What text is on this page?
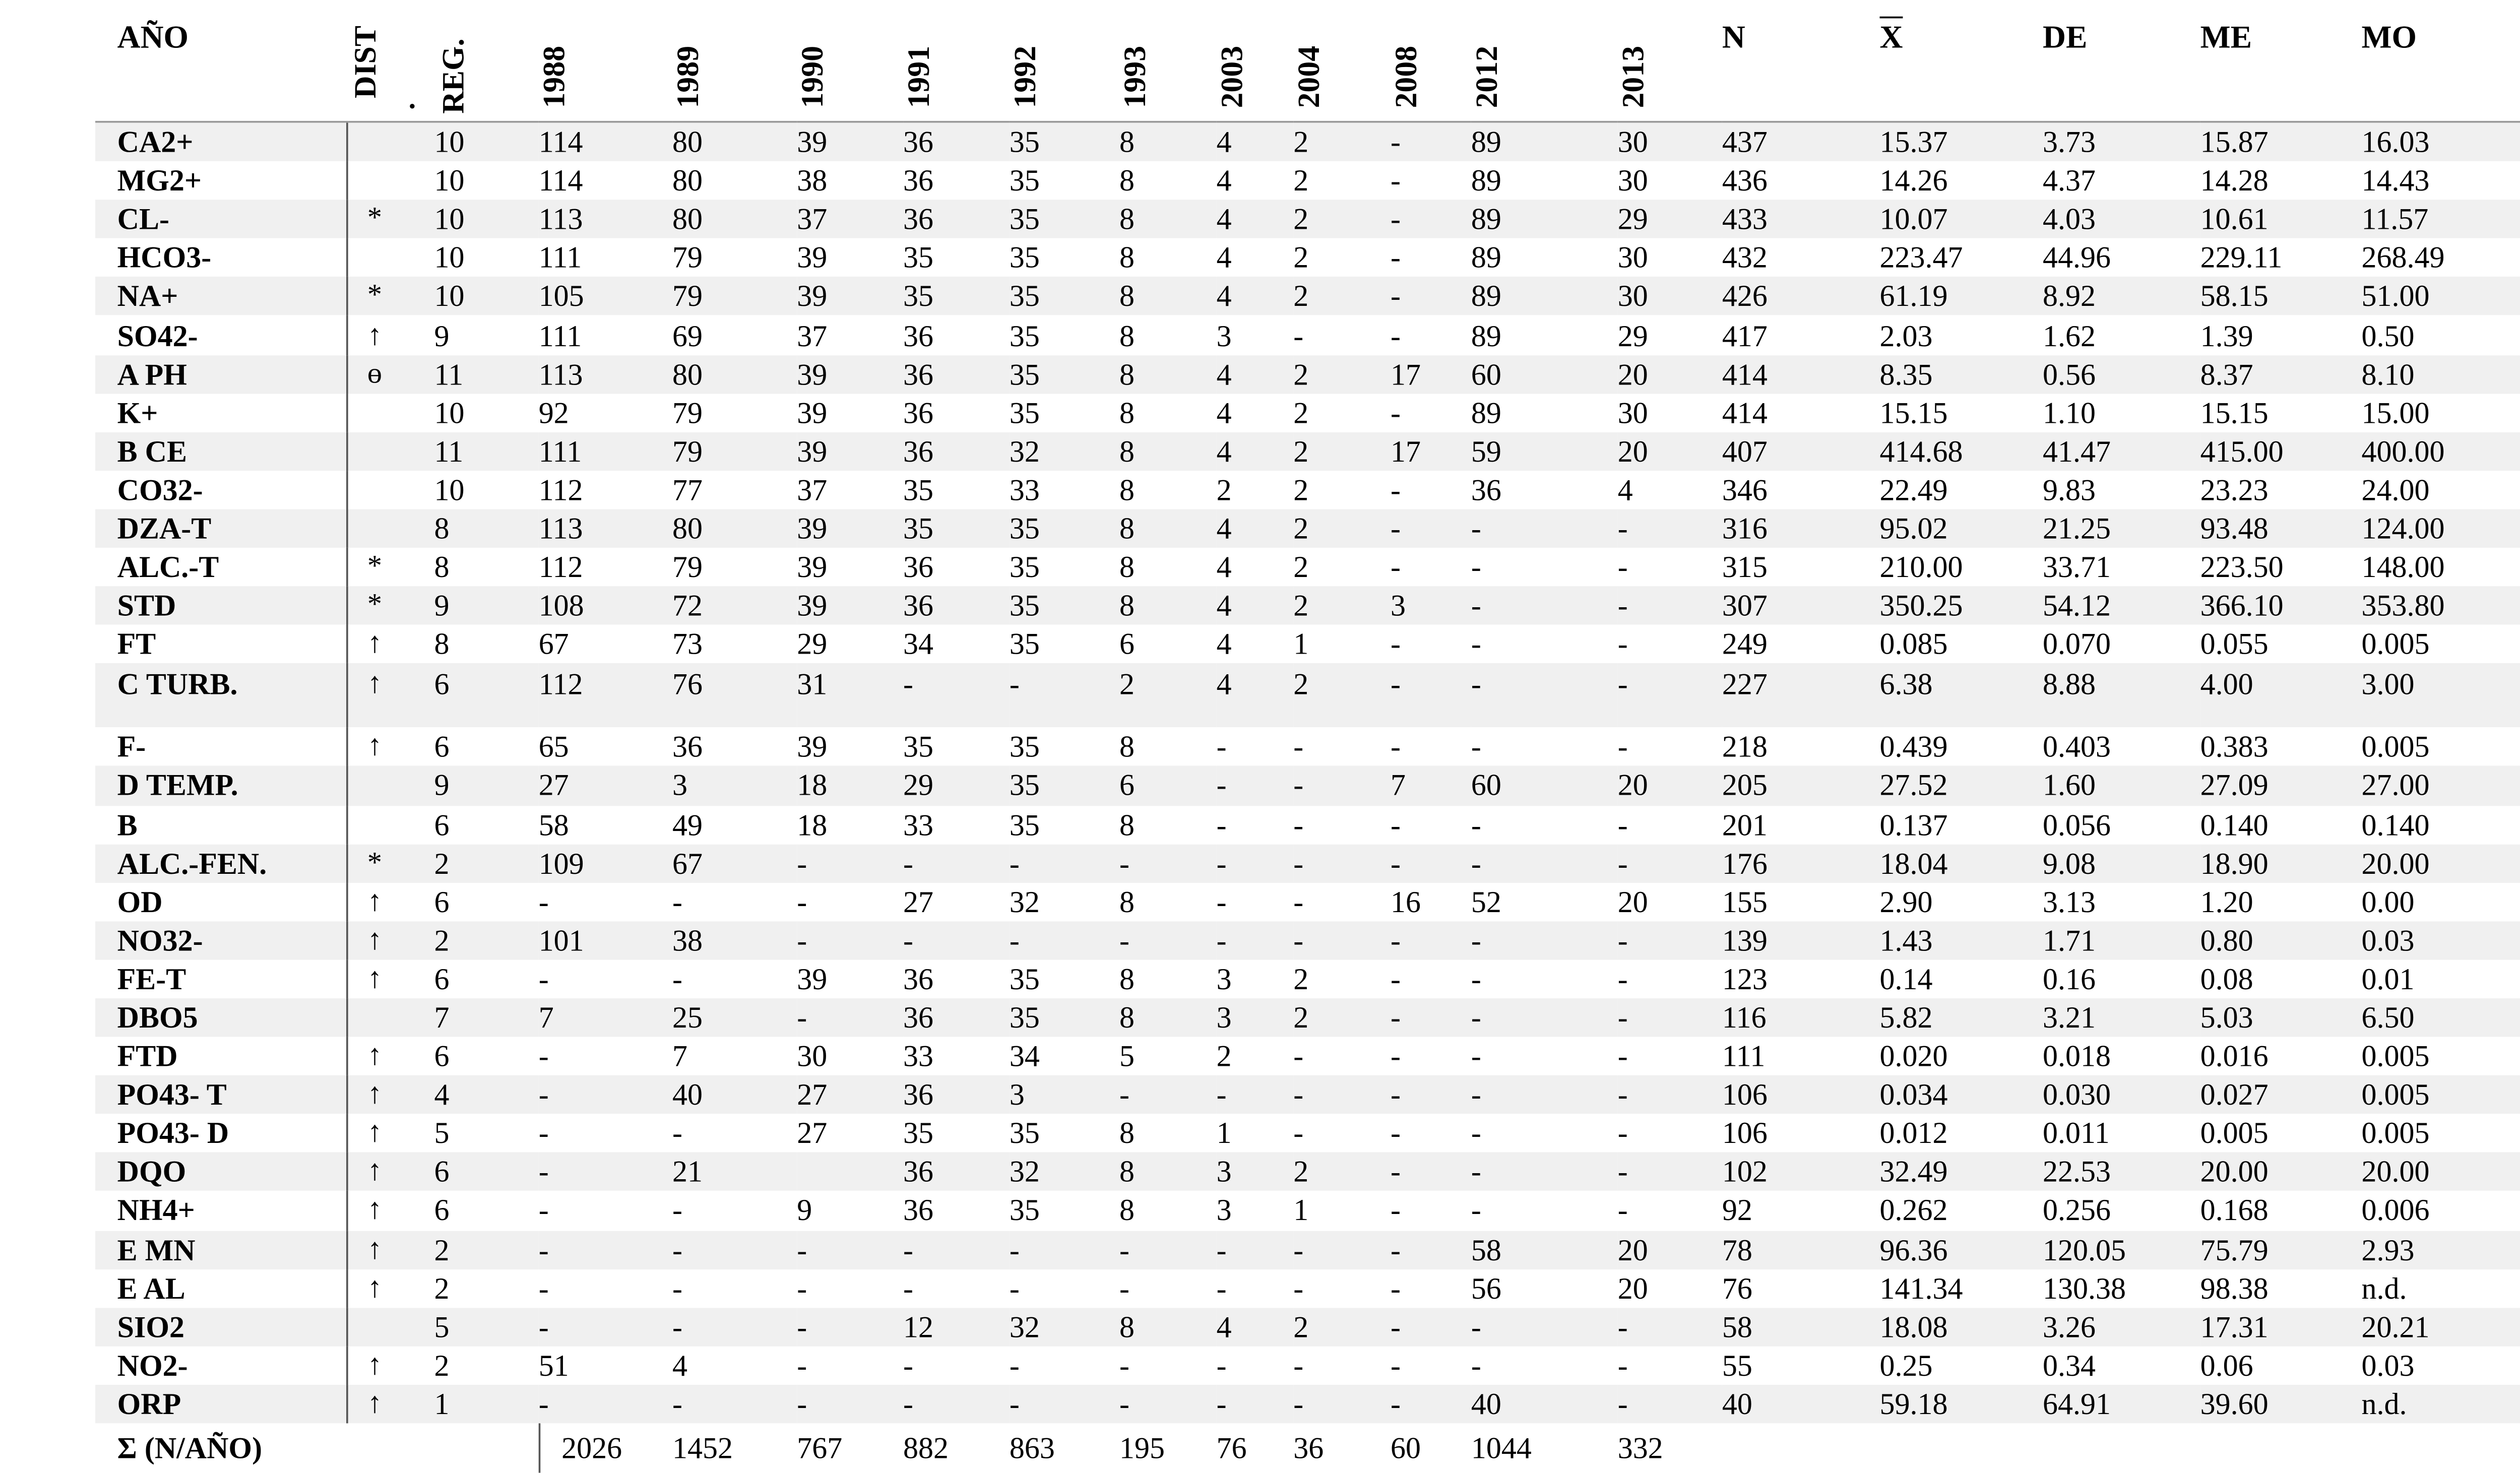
AÑO	DIST	. REG.	1988	1989	1990	1991	1992	1993	2003	2004	2008	2012	2013	N	$\overline{X}$	DE	ME	MO		
CA2+		10	114	80	39	36	35	8	4	2	-	89	30	437	15.37	3.73	15.87	16.03		
MG2+		10	114	80	38	36	35	8	4	2	-	89	30	436	14.26	4.37	14.28	14.43		
CL-	*	10	113	80	37	36	35	8	4	2	-	89	29	433	10.07	4.03	10.61	11.57		
HCO3-		10	111	79	39	35	35	8	4	2	-	89	30	432	223.47	44.96	229.11	268.49		
NA+	*	10	105	79	39	35	35	8	4	2	-	89	30	426	61.19	8.92	58.15	51.00		
SO42-	↑	9	111	69	37	36	35	8	3	-	-	89	29	417	2.03	1.62	1.39	0.50		
A PH	ɵ	11	113	80	39	36	35	8	4	2	17	60	20	414	8.35	0.56	8.37	8.10		
K+		10	92	79	39	36	35	8	4	2	-	89	30	414	15.15	1.10	15.15	15.00		
B CE		11	111	79	39	36	32	8	4	2	17	59	20	407	414.68	41.47	415.00	400.00		
CO32-		10	112	77	37	35	33	8	2	2	-	36	4	346	22.49	9.83	23.23	24.00		
DZA-T		8	113	80	39	35	35	8	4	2	-	-	-	316	95.02	21.25	93.48	124.00		
ALC.-T	*	8	112	79	39	36	35	8	4	2	-	-	-	315	210.00	33.71	223.50	148.00		
STD	*	9	108	72	39	36	35	8	4	2	3	-	-	307	350.25	54.12	366.10	353.80		
FT	↑	8	67	73	29	34	35	6	4	1	-	-	-	249	0.085	0.070	0.055	0.005		
C TURB.	↑	6	112	76	31	-	-	2	4	2	-	-	-	227	6.38	8.88	4.00	3.00		
F-	↑	6	65	36	39	35	35	8	-	-	-	-	-	218	0.439	0.403	0.383	0.005		
D TEMP.		9	27	3	18	29	35	6	-	-	7	60	20	205	27.52	1.60	27.09	27.00		
B		6	58	49	18	33	35	8	-	-	-	-	-	201	0.137	0.056	0.140	0.140		
ALC.-FEN.	*	2	109	67	-	-	-	-	-	-	-	-	-	176	18.04	9.08	18.90	20.00		
OD	↑	6	-	-	-	27	32	8	-	-	16	52	20	155	2.90	3.13	1.20	0.00		
NO32-	↑	2	101	38	-	-	-	-	-	-	-	-	-	139	1.43	1.71	0.80	0.03		
FE-T	↑	6	-	-	39	36	35	8	3	2	-	-	-	123	0.14	0.16	0.08	0.01		
DBO5		7	7	25	-	36	35	8	3	2	-	-	-	116	5.82	3.21	5.03	6.50		
FTD	↑	6	-	7	30	33	34	5	2	-	-	-	-	111	0.020	0.018	0.016	0.005		
PO43- T	↑	4	-	40	27	36	3	-	-	-	-	-	-	106	0.034	0.030	0.027	0.005		
PO43- D	↑	5	-	-	27	35	35	8	1	-	-	-	-	106	0.012	0.011	0.005	0.005		
DQO	↑	6	-	21		36	32	8	3	2	-	-	-	102	32.49	22.53	20.00	20.00		
NH4+	↑	6	-	-	9	36	35	8	3	1	-	-	-	92	0.262	0.256	0.168	0.006		
E MN	↑	2	-	-	-	-	-	-	-	-	-	58	20	78	96.36	120.05	75.79	2.93		
E AL	↑	2	-	-	-	-	-	-	-	-	-	56	20	76	141.34	130.38	98.38	n.d.		
SIO2		5	-	-	-	12	32	8	4	2	-	-	-	58	18.08	3.26	17.31	20.21		
NO2-	↑	2	51	4	-	-	-	-	-	-	-	-	-	55	0.25	0.34	0.06	0.03		
ORP	↑	1	-	-	-	-	-	-	-	-	-	40	-	40	59.18	64.91	39.60	n.d.		
Σ (N/AÑO)			2026	1452	767	882	863	195	76	36	60	1044	332							
